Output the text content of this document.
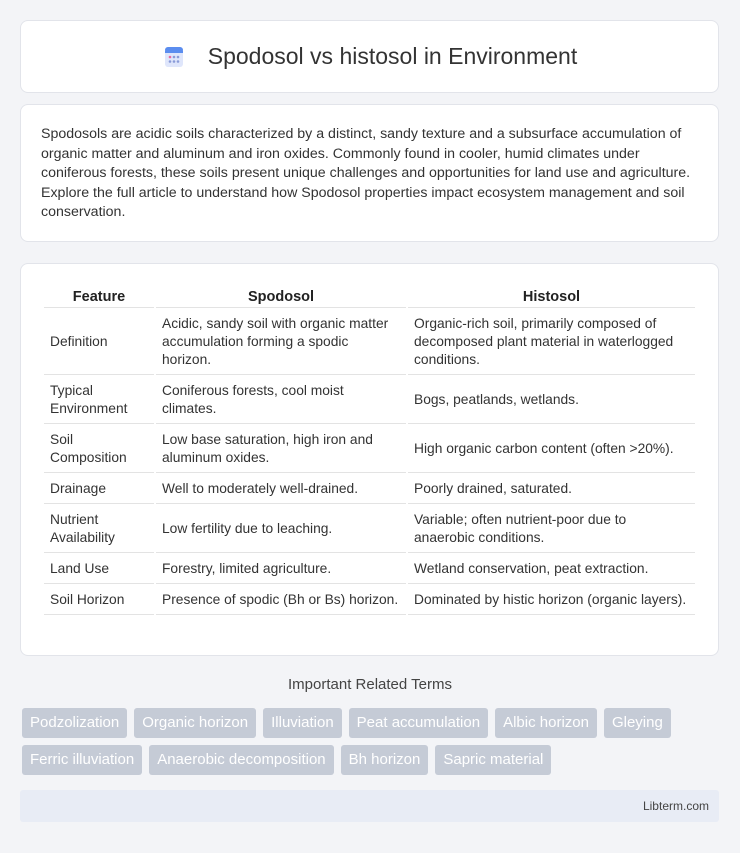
Spodosol vs histosol in Environment

Spodosols are acidic soils characterized by a distinct, sandy texture and a subsurface accumulation of organic matter and aluminum and iron oxides. Commonly found in cooler, humid climates under coniferous forests, these soils present unique challenges and opportunities for land use and agriculture. Explore the full article to understand how Spodosol properties impact ecosystem management and soil conservation.

Feature	Spodosol	Histosol
Definition	Acidic, sandy soil with organic matter accumulation forming a spodic horizon.	Organic-rich soil, primarily composed of decomposed plant material in waterlogged conditions.
Typical Environment	Coniferous forests, cool moist climates.	Bogs, peatlands, wetlands.
Soil Composition	Low base saturation, high iron and aluminum oxides.	High organic carbon content (often >20%).
Drainage	Well to moderately well-drained.	Poorly drained, saturated.
Nutrient Availability	Low fertility due to leaching.	Variable; often nutrient-poor due to anaerobic conditions.
Land Use	Forestry, limited agriculture.	Wetland conservation, peat extraction.
Soil Horizon	Presence of spodic (Bh or Bs) horizon.	Dominated by histic horizon (organic layers).
Important Related Terms
Podzolization	Organic horizon	Illuviation	Peat accumulation	Albic horizon	Gleying
Ferric illuviation	Anaerobic decomposition	Bh horizon	Sapric material
Libterm.com
